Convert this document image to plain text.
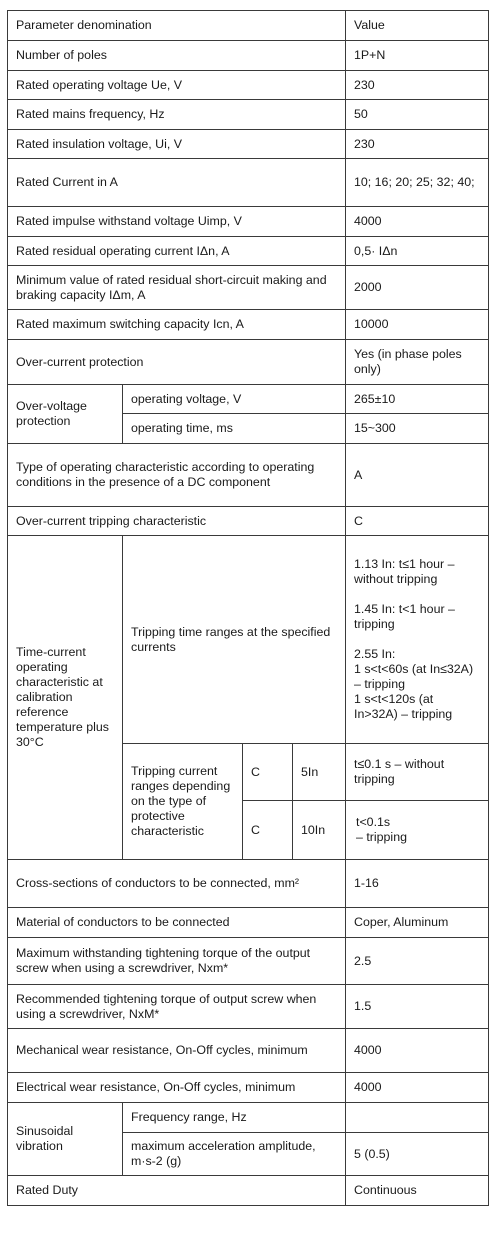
Parameter denomination				Value
Number of poles				1P+N
Rated operating voltage Ue, V				230
Rated mains frequency, Hz				50
Rated insulation voltage, Ui, V				230
Rated Current in A				10; 16; 20; 25; 32; 40;
Rated impulse withstand voltage Uimp, V				4000
Rated residual operating current IΔn, A				0,5· IΔn
Minimum value of rated residual short-circuit making and braking capacity IΔm, A				2000
Rated maximum switching capacity Icn, A				10000
Over-current protection				Yes (in phase poles only)
Over-voltage protection	operating voltage, V			265±10
	operating time, ms			15~300
Type of operating characteristic according to operating conditions in the presence of a DC component				A
Over-current tripping characteristic				C
Time-current operating characteristic at calibration reference temperature plus 30°C	Tripping time ranges at the specified currents			1.13 In: t≤1 hour – without tripping
1.45 In: t<1 hour – tripping
2.55 In:
1 s<t<60s (at In≤32A) – tripping
1 s<t<120s (at In>32A) – tripping

	Tripping current ranges depending on the type of protective characteristic	C	5In	t≤0.1 s – without tripping
		C	10In	t<0.1s
– tripping

Cross-sections of conductors to be connected, mm²				1-16
Material of conductors to be connected				Coper, Aluminum
Maximum withstanding tightening torque of the output screw when using a screwdriver, Nxm*				2.5
Recommended tightening torque of output screw when using a screwdriver, NxM*				1.5
Mechanical wear resistance, On-Off cycles, minimum				4000
Electrical wear resistance, On-Off cycles, minimum				4000
Sinusoidal vibration	Frequency range, Hz			
	maximum acceleration amplitude, m·s-2 (g)			5 (0.5)
Rated Duty				Continuous
